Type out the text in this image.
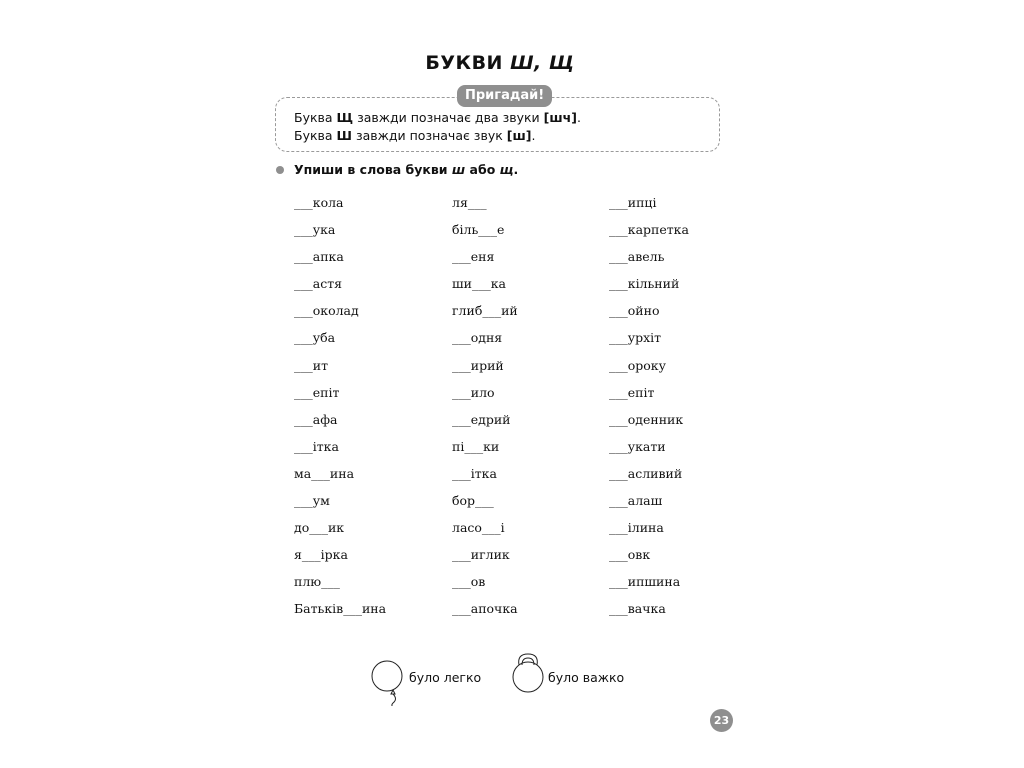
БУКВИ Ш, Щ
Пригадай!
Буква Щ завжди позначає два звуки [шч].
Буква Ш завжди позначає звук [ш].
Упиши в слова букви ш або щ.
___кола
___ука
___апка
___астя
___околад
___уба
___ит
___епіт
___афа
___ітка
ма___ина
___ум
до___ик
я___ірка
плю___
Батьків___ина
ля___
біль___е
___еня
ши___ка
глиб___ий
___одня
___ирий
___ило
___едрий
пі___ки
___ітка
бор___
ласо___і
___иглик
___ов
___апочка
___ипці
___карпетка
___авель
___кільний
___ойно
___урхіт
___ороку
___епіт
___оденник
___укати
___асливий
___алаш
___ілина
___овк
___ипшина
___вачка
було легко	було важко
23
